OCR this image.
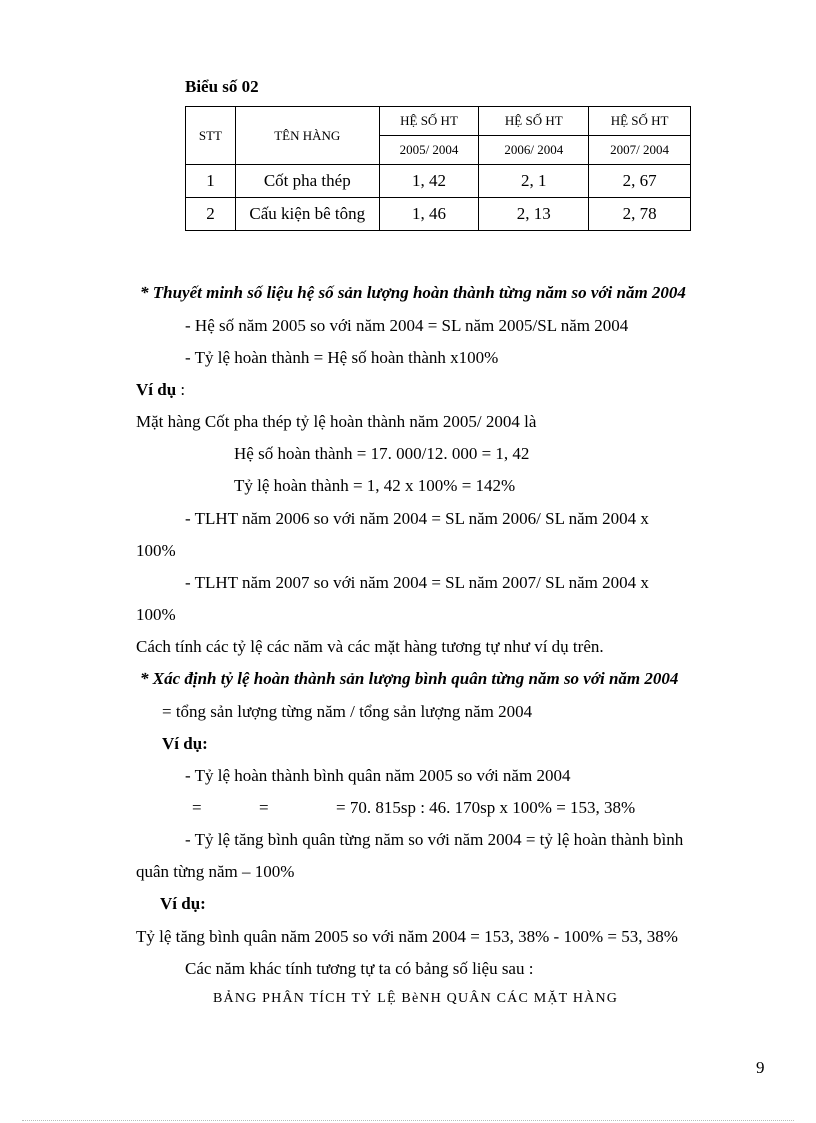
Biểu số 02
STT	TÊN HÀNG	HỆ SỐ HT	HỆ SỐ HT	HỆ SỐ HT
		2005/ 2004	2006/ 2004	2007/ 2004
1	Cốt pha thép	1, 42	2, 1	2, 67
2	Cấu kiện bê tông	1, 46	2, 13	2, 78
* Thuyết minh số liệu hệ số sản lượng hoàn thành từng năm so với năm 2004
- Hệ số năm 2005 so với năm 2004 = SL năm 2005/SL năm 2004
- Tỷ lệ hoàn thành = Hệ số hoàn thành x100%
Ví dụ :
Mặt hàng Cốt pha thép tỷ lệ hoàn thành năm 2005/ 2004 là
Hệ số hoàn thành = 17. 000/12. 000 = 1, 42
Tỷ lệ hoàn thành = 1, 42 x 100% = 142%
- TLHT năm 2006 so với năm 2004 = SL năm 2006/ SL năm 2004 x
100%
- TLHT năm 2007 so với năm 2004 = SL năm 2007/ SL năm 2004 x
100%
Cách tính các tỷ lệ các năm và các mặt hàng tương tự như ví dụ trên.
* Xác định tỷ lệ hoàn thành sản lượng bình quân từng năm so với năm 2004
= tổng sản lượng từng năm / tổng sản lượng năm 2004
Ví dụ:
- Tỷ lệ hoàn thành bình quân năm 2005 so với năm 2004
=	=	= 70. 815sp : 46. 170sp x 100% = 153, 38%
- Tỷ lệ tăng bình quân từng năm so với năm 2004 = tỷ lệ hoàn thành bình
quân từng năm – 100%
Ví dụ:
Tỷ lệ tăng bình quân năm 2005 so với năm 2004 = 153, 38% - 100% = 53, 38%
Các năm khác tính tương tự ta có bảng số liệu sau :
BẢNG PHÂN TÍCH TỶ LỆ BèNH QUÂN CÁC MẶT HÀNG
9
